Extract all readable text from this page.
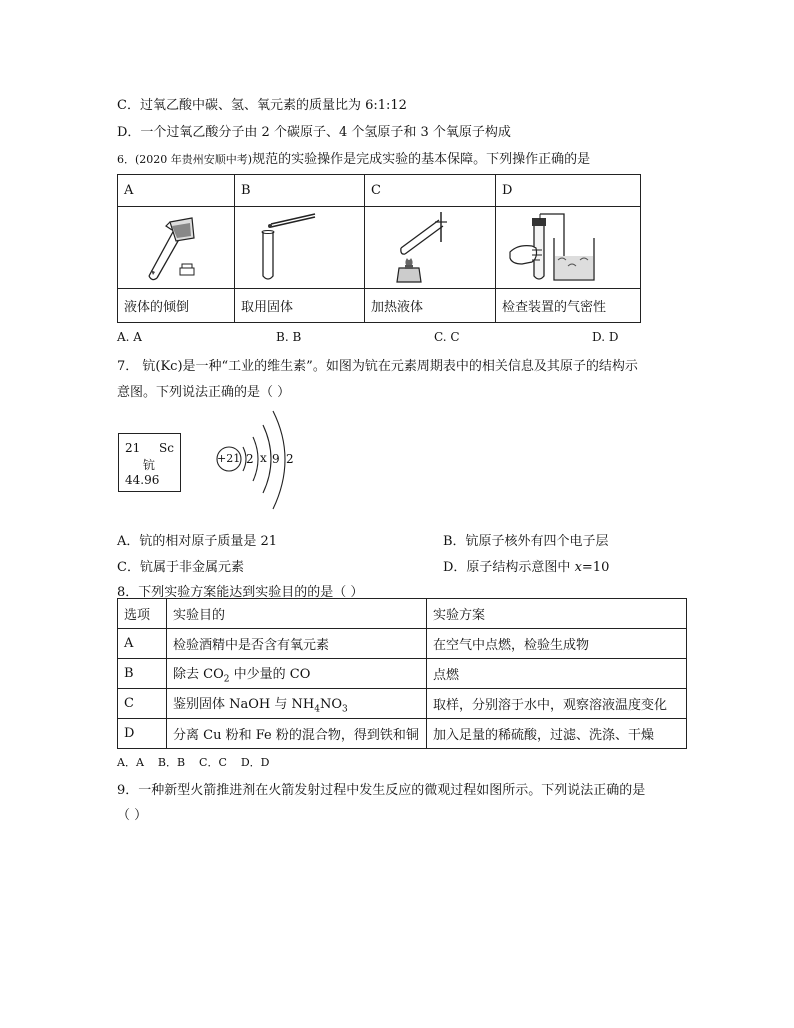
C．过氧乙酸中碳、氢、氧元素的质量比为 6:1:12
D．一个过氧乙酸分子由 2 个碳原子、4 个氢原子和 3 个氧原子构成
6．(2020 年贵州安顺中考)规范的实验操作是完成实验的基本保障。下列操作正确的是
A	B	C	D

液体的倾倒	取用固体	加热液体	检查装置的气密性
A. A	B. B	C. C	D. D
7． 钪(Kc)是一种“工业的维生素”。如图为钪在元素周期表中的相关信息及其原子的结构示
意图。下列说法正确的是（ ）
21 Sc
钪
44.96
+21 2 x 9 2
A．钪的相对原子质量是 21	B．钪原子核外有四个电子层
C．钪属于非金属元素	D．原子结构示意图中 x=10
8．下列实验方案能达到实验目的的是（ ）
选项	实验目的	实验方案
A	检验酒精中是否含有氧元素	在空气中点燃，检验生成物
B	除去 $CO_2$ 中少量的 CO	点燃
C	鉴别固体 NaOH 与 $NH_4NO_3$	取样，分别溶于水中，观察溶液温度变化
D	分离 Cu 粉和 Fe 粉的混合物，得到铁和铜	加入足量的稀硫酸，过滤、洗涤、干燥
A．A    B．B    C．C    D．D
9．一种新型火箭推进剂在火箭发射过程中发生反应的微观过程如图所示。下列说法正确的是
（ ）
